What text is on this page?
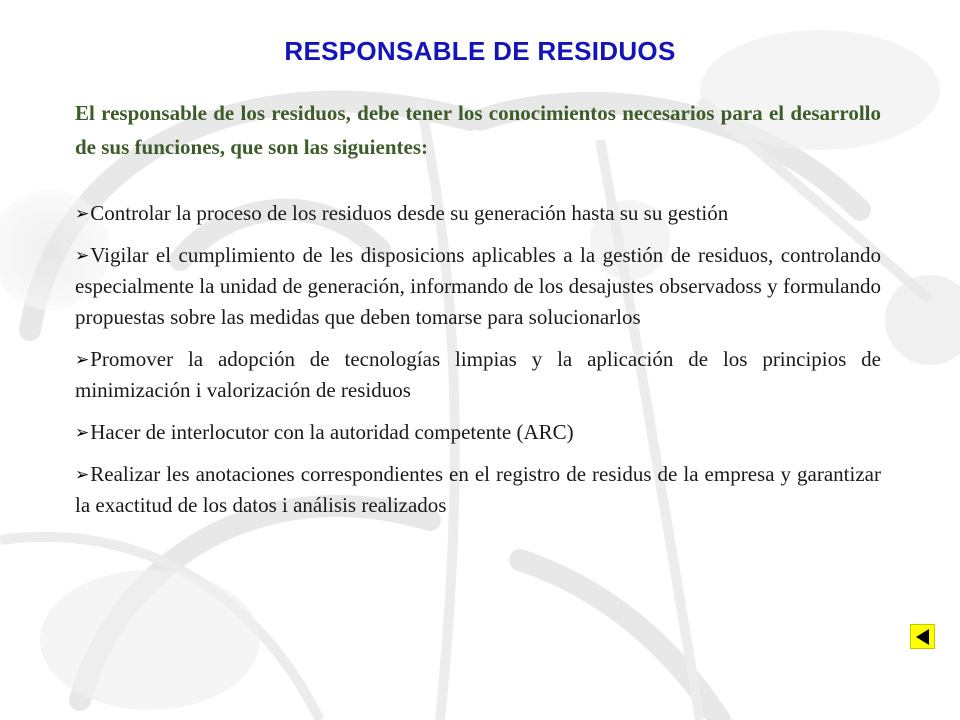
RESPONSABLE DE RESIDUOS

El responsable de los residuos, debe tener los conocimientos necesarios para el desarrollo de sus funciones, que son las siguientes:

➢Controlar la proceso de los residuos desde su generación hasta su su gestión
➢Vigilar el cumplimiento de les disposicions aplicables a la gestión de residuos, controlando especialmente la unidad de generación, informando de los desajustes observadoss y formulando propuestas sobre las medidas que deben tomarse para solucionarlos
➢Promover la adopción de tecnologías limpias y la aplicación de los principios de minimización i valorización de residuos
➢Hacer de interlocutor con la autoridad competente (ARC)
➢Realizar les anotaciones correspondientes en el registro de residus de la empresa y garantizar la exactitud de los datos i análisis realizados
